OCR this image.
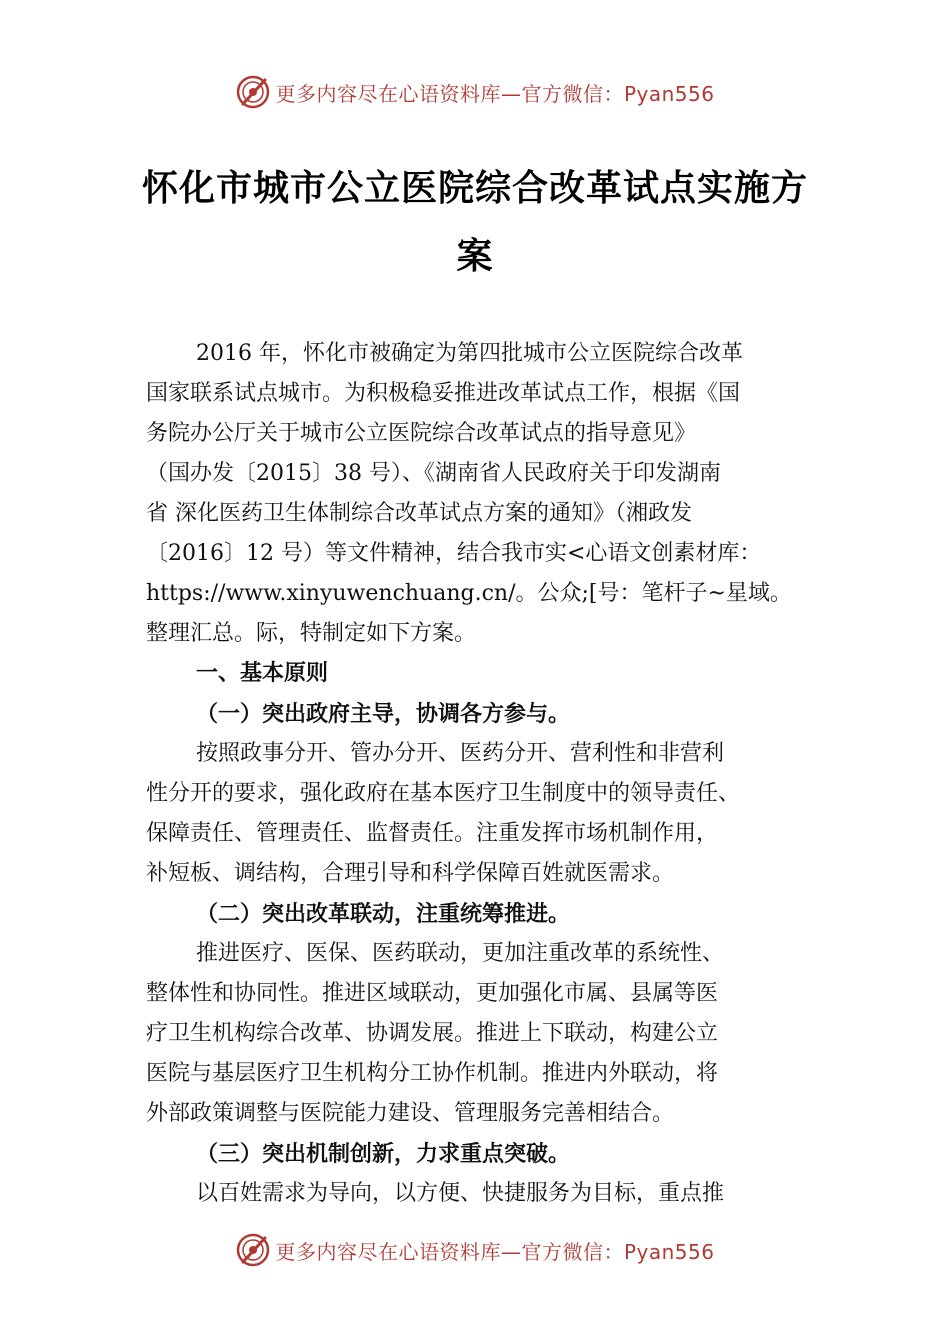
更多内容尽在心语资料库—官方微信：Pyan556
怀化市城市公立医院综合改革试点实施方
案
2016 年，怀化市被确定为第四批城市公立医院综合改革
国家联系试点城市。为积极稳妥推进改革试点工作，根据《国
务院办公厅关于城市公立医院综合改革试点的指导意见》
（国办发〔2015〕38 号）、《湖南省人民政府关于印发湖南
省 深化医药卫生体制综合改革试点方案的通知》（湘政发
〔2016〕12 号）等文件精神，结合我市实<心语文创素材库：
https://www.xinyuwenchuang.cn/。公众;[号：笔杆子~星域。
整理汇总。际，特制定如下方案。
一、基本原则
（一）突出政府主导，协调各方参与。
按照政事分开、管办分开、医药分开、营利性和非营利
性分开的要求，强化政府在基本医疗卫生制度中的领导责任、
保障责任、管理责任、监督责任。注重发挥市场机制作用，
补短板、调结构，合理引导和科学保障百姓就医需求。
（二）突出改革联动，注重统筹推进。
推进医疗、医保、医药联动，更加注重改革的系统性、
整体性和协同性。推进区域联动，更加强化市属、县属等医
疗卫生机构综合改革、协调发展。推进上下联动，构建公立
医院与基层医疗卫生机构分工协作机制。推进内外联动，将
外部政策调整与医院能力建设、管理服务完善相结合。
（三）突出机制创新，力求重点突破。
以百姓需求为导向，以方便、快捷服务为目标，重点推
更多内容尽在心语资料库—官方微信：Pyan556
